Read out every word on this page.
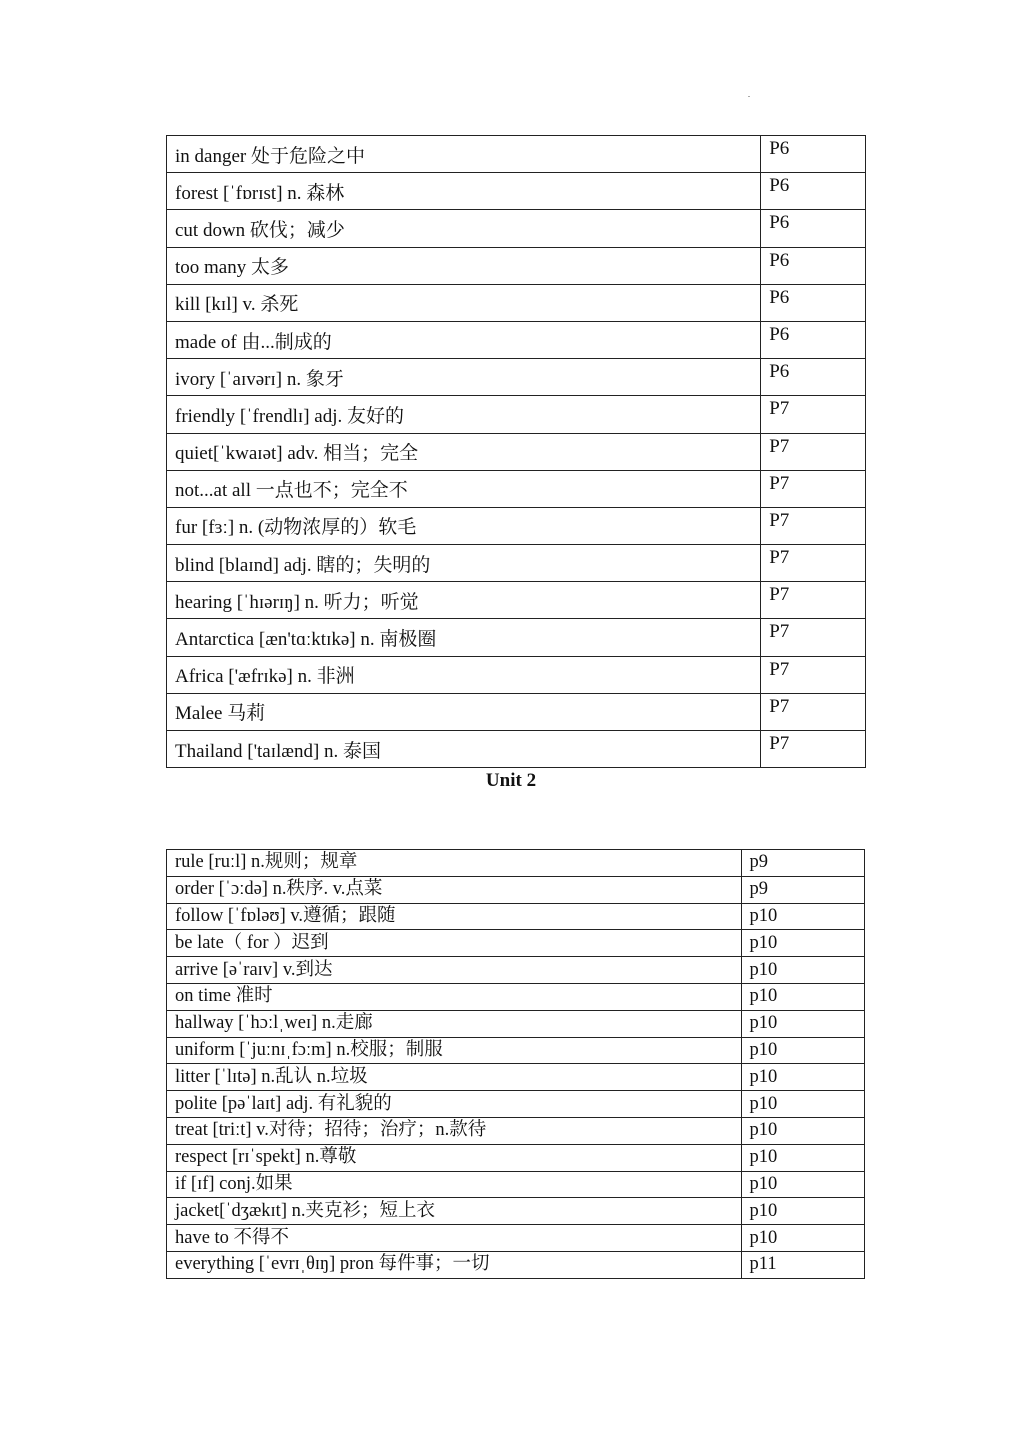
in danger 处于危险之中	P6
forest [ˈfɒrɪst] n. 森林	P6
cut down 砍伐；减少	P6
too many 太多	P6
kill [kɪl] v. 杀死	P6
made of 由...制成的	P6
ivory [ˈaɪvərɪ] n. 象牙	P6
friendly [ˈfrendlɪ] adj. 友好的	P7
quiet[ˈkwaɪət] adv. 相当；完全	P7
not...at all 一点也不；完全不	P7
fur [fɜː] n. (动物浓厚的）软毛	P7
blind [blaɪnd] adj. 瞎的；失明的	P7
hearing [ˈhɪərɪŋ] n. 听力；听觉	P7
Antarctica [æn'tɑːktɪkə] n. 南极圈	P7
Africa ['æfrɪkə] n. 非洲	P7
Malee 马莉	P7
Thailand ['taɪlænd] n. 泰国	P7
Unit 2
rule [ruːl] n.规则；规章	p9
order [ˈɔːdə] n.秩序. v.点菜	p9
follow [ˈfɒləʊ] v.遵循；跟随	p10
be late（ for ）迟到	p10
arrive [əˈraɪv] v.到达	p10
on time 准时	p10
hallway [ˈhɔːlˌweɪ] n.走廊	p10
uniform [ˈjuːnɪˌfɔːm] n.校服；制服	p10
litter [ˈlɪtə] n.乱认 n.垃圾	p10
polite [pəˈlaɪt] adj. 有礼貌的	p10
treat [triːt] v.对待；招待；治疗；n.款待	p10
respect [rɪˈspekt] n.尊敬	p10
if [ɪf] conj.如果	p10
jacket[ˈdʒækɪt] n.夹克衫；短上衣	p10
have to 不得不	p10
everything [ˈevrɪˌθɪŋ] pron 每件事；一切	p11
